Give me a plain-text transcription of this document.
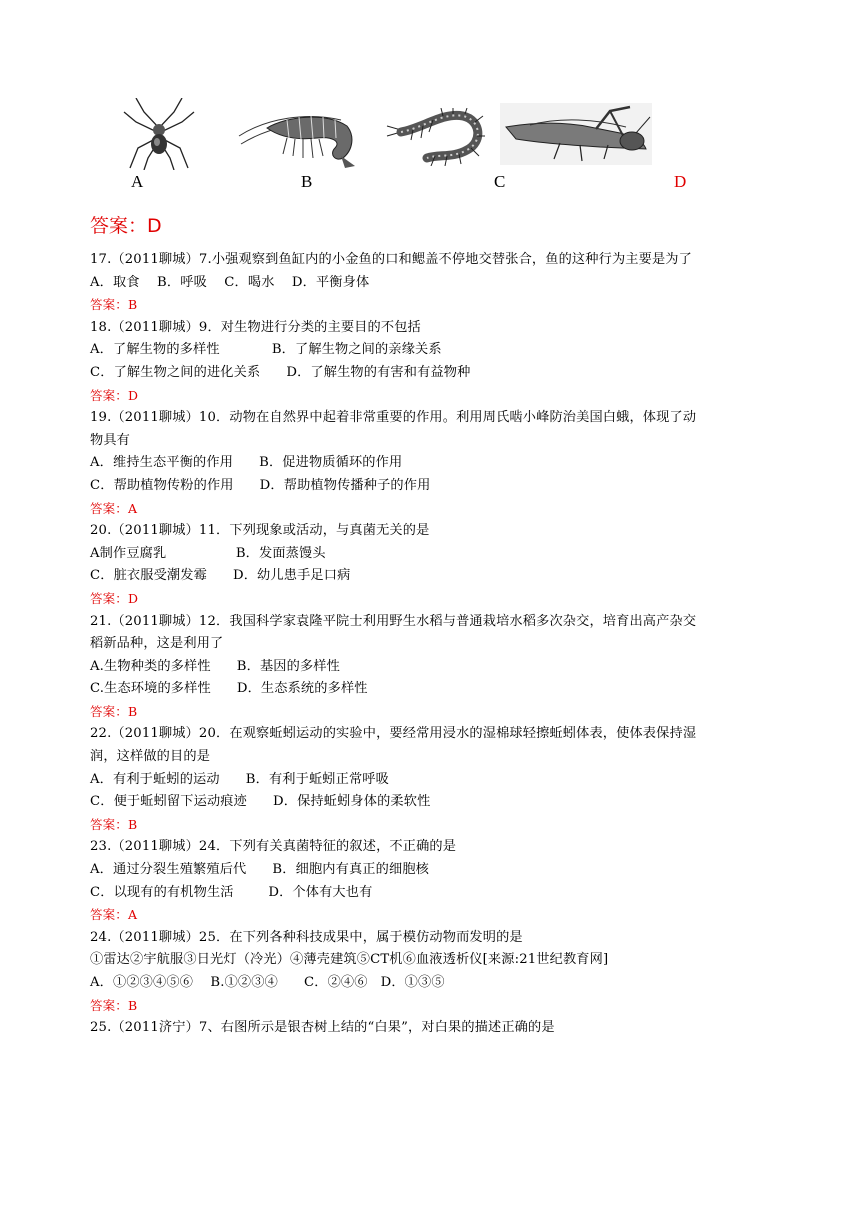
A	B	C	D
答案：D
17.（2011聊城）7.小强观察到鱼缸内的小金鱼的口和鳃盖不停地交替张合，鱼的这种行为主要是为了
A．取食    B．呼吸    C．喝水    D．平衡身体
答案：B
18.（2011聊城）9．对生物进行分类的主要目的不包括
A．了解生物的多样性            B．了解生物之间的亲缘关系
C．了解生物之间的进化关系      D．了解生物的有害和有益物种
答案：D
19.（2011聊城）10．动物在自然界中起着非常重要的作用。利用周氏啮小峰防治美国白蛾，体现了动
物具有
A．维持生态平衡的作用      B．促进物质循环的作用
C．帮助植物传粉的作用      D．帮助植物传播种子的作用
答案：A
20.（2011聊城）11．下列现象或活动，与真菌无关的是
A制作豆腐乳                B．发面蒸馒头
C．脏衣服受潮发霉      D．幼儿患手足口病
答案：D
21.（2011聊城）12．我国科学家袁隆平院士利用野生水稻与普通栽培水稻多次杂交，培育出高产杂交
稻新品种，这是利用了
A.生物种类的多样性      B．基因的多样性
C.生态环境的多样性      D．生态系统的多样性
答案：B
22.（2011聊城）20．在观察蚯蚓运动的实验中，要经常用浸水的湿棉球轻擦蚯蚓体表，使体表保持湿
润，这样做的目的是
A．有利于蚯蚓的运动      B．有利于蚯蚓正常呼吸
C．便于蚯蚓留下运动痕迹      D．保持蚯蚓身体的柔软性
答案：B
23.（2011聊城）24．下列有关真菌特征的叙述，不正确的是
A．通过分裂生殖繁殖后代      B．细胞内有真正的细胞核
C．以现有的有机物生活        D．个体有大也有
答案：A
24.（2011聊城）25．在下列各种科技成果中，属于模仿动物而发明的是
①雷达②宇航服③日光灯（冷光）④薄壳建筑⑤CT机⑥血液透析仪[来源:21世纪教育网]
A．①②③④⑤⑥    B.①②③④      C．②④⑥   D．①③⑤
答案：B
25.（2011济宁）7、右图所示是银杏树上结的“白果”，对白果的描述正确的是
